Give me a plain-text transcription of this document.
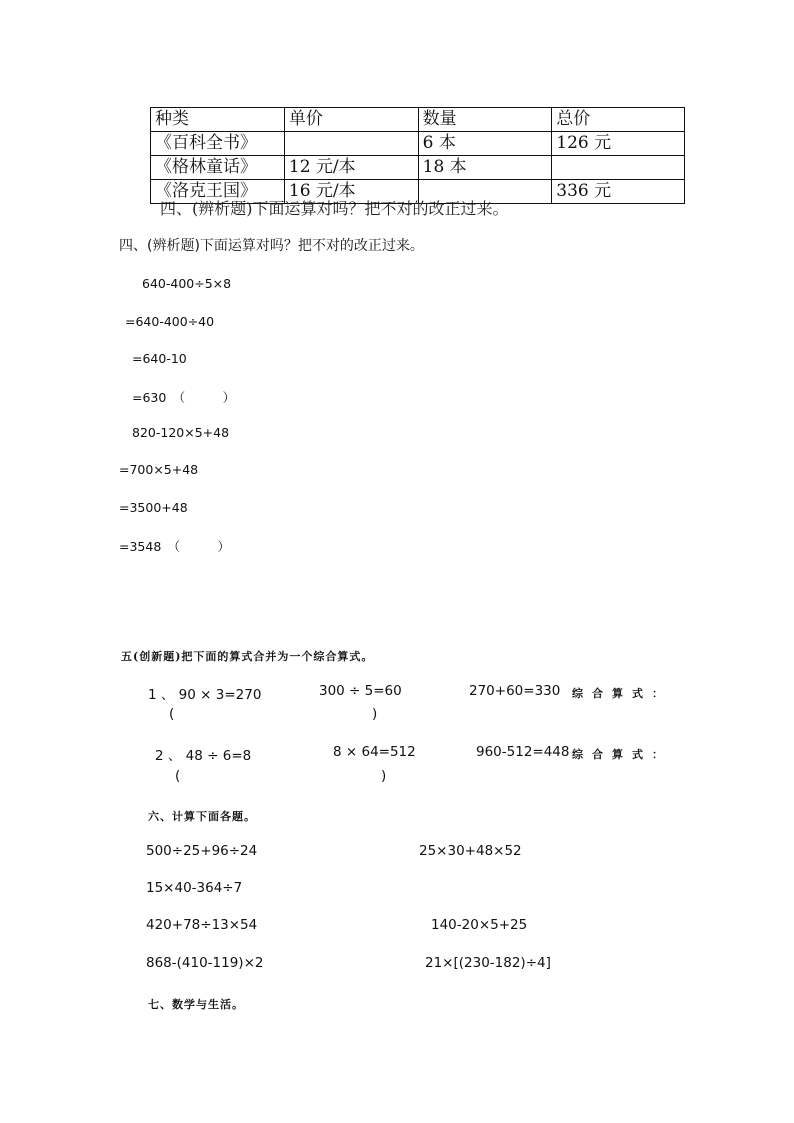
种类	单价	数量	总价
《百科全书》		6 本	126 元
《格林童话》	12 元/本	18 本	
《洛克王国》	16 元/本		336 元
四、(辨析题)下面运算对吗？把不对的改正过来。
四、(辨析题)下面运算对吗？把不对的改正过来。
640-400÷5×8
=640-400÷40
=640-10
=630　（　　　）
820-120×5+48
=700×5+48
=3500+48
=3548　（　　　）
五(创新题)把下面的算式合并为一个综合算式。
1 、 90 × 3=270	300 ÷ 5=60	270+60=330 综合算式：
(	)
2 、 48 ÷ 6=8	8 × 64=512	960-512=448 综合算式：
(	)
六、计算下面各题。
500÷25+96÷24	25×30+48×52
15×40-364÷7
420+78÷13×54	140-20×5+25
868-(410-119)×2	21×[(230-182)÷4]
七、数学与生活。
